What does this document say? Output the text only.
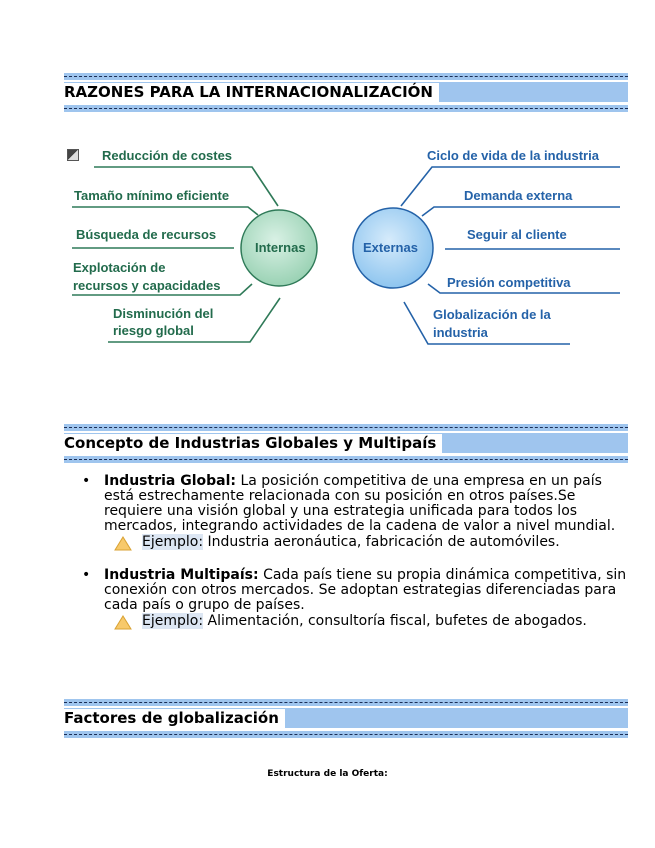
RAZONES PARA LA INTERNACIONALIZACIÓN
Internas	Externas
Reducción de costes
Tamaño mínimo eficiente
Búsqueda de recursos
Explotación de
recursos y capacidades
Disminución del
riesgo global
Ciclo de vida de la industria
Demanda externa
Seguir al cliente
Presión competitiva
Globalización de la
industria
Concepto de Industrias Globales y Multipaís
• Industria Global: La posición competitiva de una empresa en un país está estrechamente relacionada con su posición en otros países.Se requiere una visión global y una estrategia unificada para todos los mercados, integrando actividades de la cadena de valor a nivel mundial.
Ejemplo: Industria aeronáutica, fabricación de automóviles.
• Industria Multipaís: Cada país tiene su propia dinámica competitiva, sin conexión con otros mercados. Se adoptan estrategias diferenciadas para cada país o grupo de países.
Ejemplo: Alimentación, consultoría fiscal, bufetes de abogados.
Factores de globalización
Estructura de la Oferta:
